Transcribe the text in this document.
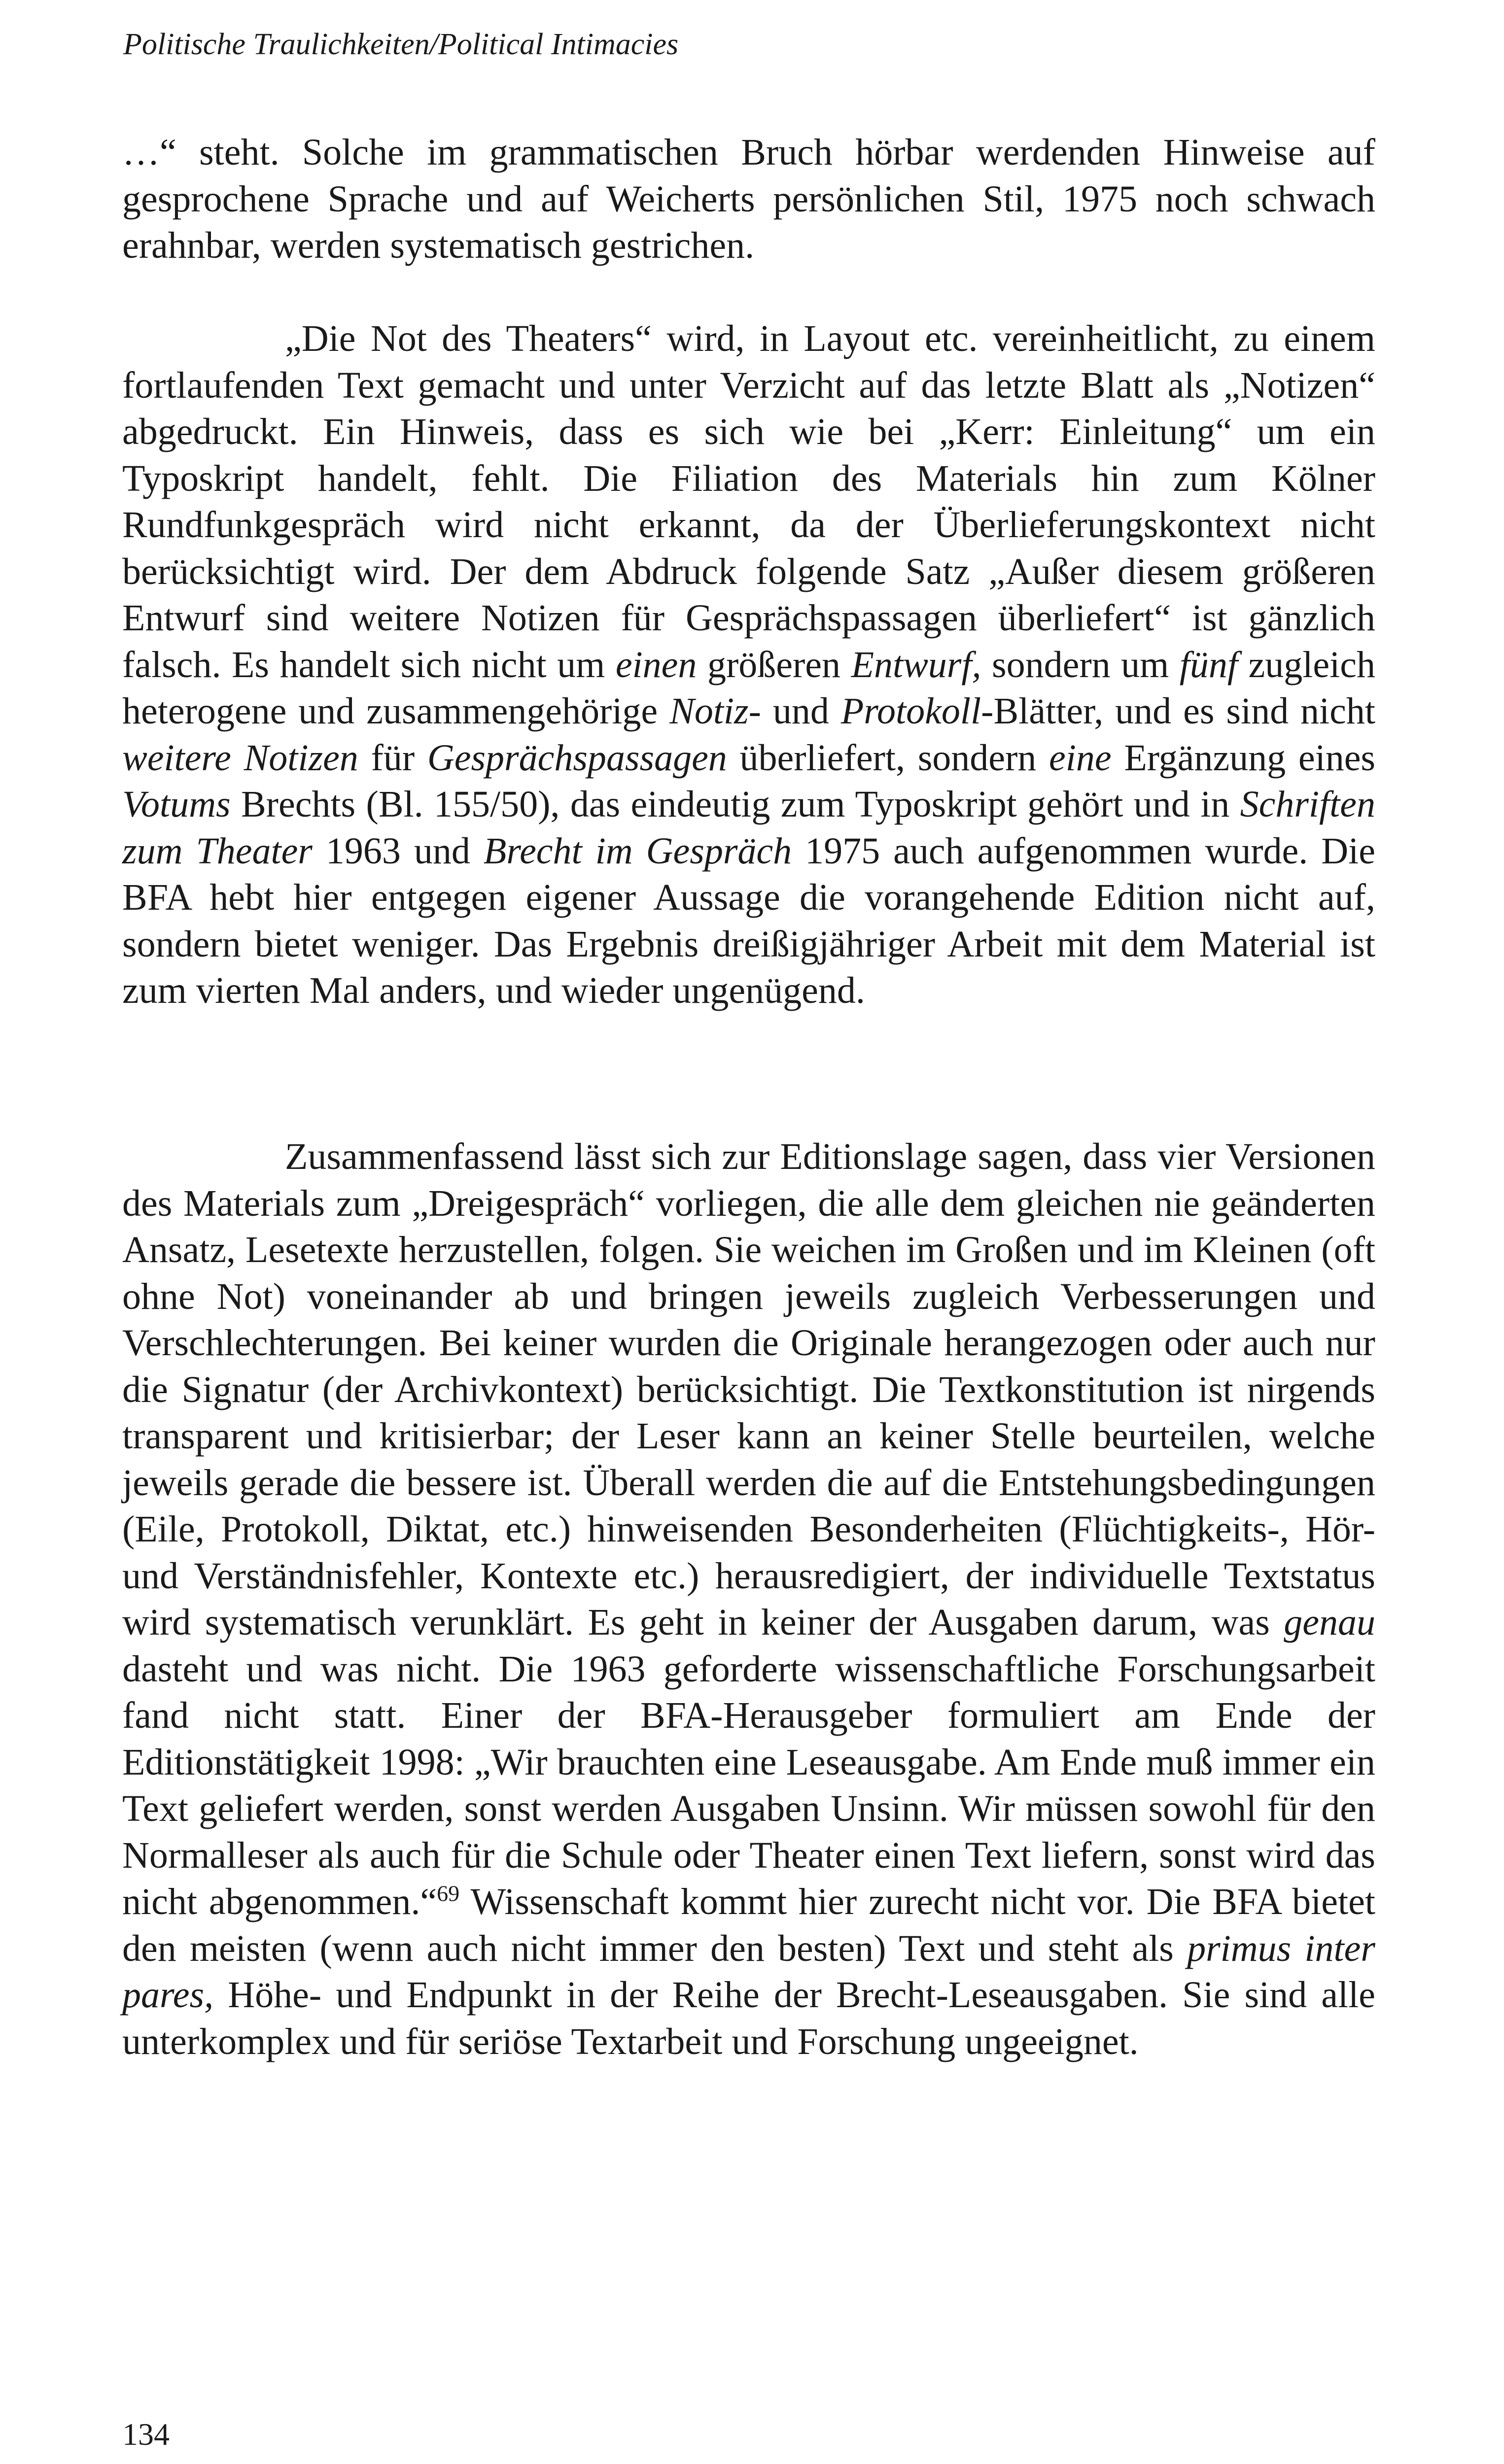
Politische Traulichkeiten/Political Intimacies

…“ steht. Solche im grammatischen Bruch hörbar werdenden Hinweise auf gesprochene Sprache und auf Weicherts persönlichen Stil, 1975 noch schwach erahnbar, werden systematisch gestrichen.

„Die Not des Theaters“ wird, in Layout etc. vereinheitlicht, zu einem fortlaufenden Text gemacht und unter Verzicht auf das letzte Blatt als „Notizen“ abgedruckt. Ein Hinweis, dass es sich wie bei „Kerr: Einleitung“ um ein Typoskript handelt, fehlt. Die Filiation des Materials hin zum Kölner Rundfunkgespräch wird nicht erkannt, da der Überlieferungskontext nicht berücksichtigt wird. Der dem Abdruck folgende Satz „Außer diesem größeren Entwurf sind weitere Notizen für Gesprächspassagen überliefert“ ist gänzlich falsch. Es handelt sich nicht um einen größeren Entwurf, sondern um fünf zugleich heterogene und zusammengehörige Notiz- und Protokoll-Blätter, und es sind nicht weitere Notizen für Gesprächspassagen überliefert, sondern eine Ergänzung eines Votums Brechts (Bl. 155/50), das eindeutig zum Typoskript gehört und in Schriften zum Theater 1963 und Brecht im Gespräch 1975 auch aufgenommen wurde. Die BFA hebt hier entgegen eigener Aussage die vorangehende Edition nicht auf, sondern bietet weniger. Das Ergebnis dreißigjähriger Arbeit mit dem Material ist zum vierten Mal anders, und wieder ungenügend.

Zusammenfassend lässt sich zur Editionslage sagen, dass vier Versionen des Materials zum „Dreigespräch“ vorliegen, die alle dem gleichen nie geänderten Ansatz, Lesetexte herzustellen, folgen. Sie weichen im Großen und im Kleinen (oft ohne Not) voneinander ab und bringen jeweils zugleich Verbesserungen und Verschlechterungen. Bei keiner wurden die Originale herangezogen oder auch nur die Signatur (der Archivkontext) berücksichtigt. Die Textkonstitution ist nirgends transparent und kritisierbar; der Leser kann an keiner Stelle beurteilen, welche jeweils gerade die bessere ist. Überall werden die auf die Entstehungsbedingungen (Eile, Protokoll, Diktat, etc.) hinweisenden Besonderheiten (Flüchtigkeits-, Hör- und Verständnisfehler, Kontexte etc.) herausredigiert, der individuelle Textstatus wird systematisch verunklärt. Es geht in keiner der Ausgaben darum, was genau dasteht und was nicht. Die 1963 geforderte wissenschaftliche Forschungsarbeit fand nicht statt. Einer der BFA-Herausgeber formuliert am Ende der Editionstätigkeit 1998: „Wir brauchten eine Leseausgabe. Am Ende muß immer ein Text geliefert werden, sonst werden Ausgaben Unsinn. Wir müssen sowohl für den Normalleser als auch für die Schule oder Theater einen Text liefern, sonst wird das nicht abgenommen.“$^{69}$ Wissenschaft kommt hier zurecht nicht vor. Die BFA bietet den meisten (wenn auch nicht immer den besten) Text und steht als primus inter pares, Höhe- und Endpunkt in der Reihe der Brecht-Leseausgaben. Sie sind alle unterkomplex und für seriöse Textarbeit und Forschung ungeeignet.

134
